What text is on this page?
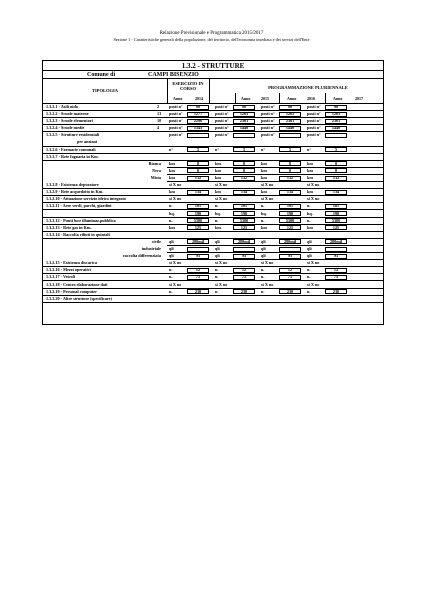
Relazione Previsionale e Programmatica 2015/2017
Sezione 1 - Caratteristiche generali della popolazione, del territorio, dell'economia insediata e dei servizi dell'Ente
1.3.2 - STRUTTURE
Comune di	CAMPI BISENZIO
TIPOLOGIA
ESERCIZIO IN CORSO	PROGRAMMAZIONE PLURIENNALE
Anno	2014	Anno	2015	Anno	2016	Anno	2017
1.3.2.1 - Asili nido	2 posti n°	90	posti n°	90	posti n°	90	posti n°	90
1.3.2.2 - Scuole materne	13 posti n°	1277	posti n°	1265	posti n°	1265	posti n°	1265
1.3.2.3 - Scuole elementari	10 posti n°	2296	posti n°	2361	posti n°	2361	posti n°	2361
1.3.2.4 - Scuole medie	4 posti n°	1345	posti n°	1440	posti n°	1440	posti n°	1440
1.3.2.5 - Strutture residenziali
per anziani
posti n°	posti n°	posti n°	posti n°
1.3.2.6 - Farmacie comunali	n°	5	n°	5	n°	5	n°	5
1.3.2.7 - Rete fognaria in Km.
Bianca km	0	km	0	km	0	km	0
Nera km	0	km	0	km	0	km	0
Mista km	132	km	132	km	132	km	132
1.3.2.8 - Esistenza depuratore	si X no	si X no	si X no	si X no
1.3.2.9 - Rete acquedotto in Km.	km	134	km	134	km	134	km	134
1.3.2.10 - Attuazione servizio idrico integrato	si X no	si X no	si X no	si X no
1.3.2.11 - Aree verdi, parchi, giardini	n.	101	n.	101	n.	101	n.	101
hq.	190	hq.	190	hq.	190	hq.	190
1.3.2.12 - Punti luce illuminaz.pubblica	n.	5300	n.	5300	n.	5300	n.	5300
1.3.2.13 - Rete gas in Km.	km	125	km	125	km	125	km	125
1.3.2.14 - Raccolta rifiuti in quintali
civile qli	280mil	qli	280mil	qli	280mil	qli	280mil
industriale qli	qli	qli	qli
raccolta differenziata qli	SI	qli	SI	qli	SI	qli	SI
1.3.2.15 - Esistenza discarica	si X no	si X no	si X no	si X no
1.3.2.16 - Mezzi operativi	n.	12	n.	12	n.	12	n.	12
1.3.2.17 - Veicoli	n.	75	n.	75	n.	75	n.	75
1.3.2.18 - Centro elaborazione dati	si X no	si X no	si X no	si X no
1.3.2.19 - Personal computer	n.	230	n.	230	n.	230	n.	230
1.3.2.20 - Altre strutture (specificare)
